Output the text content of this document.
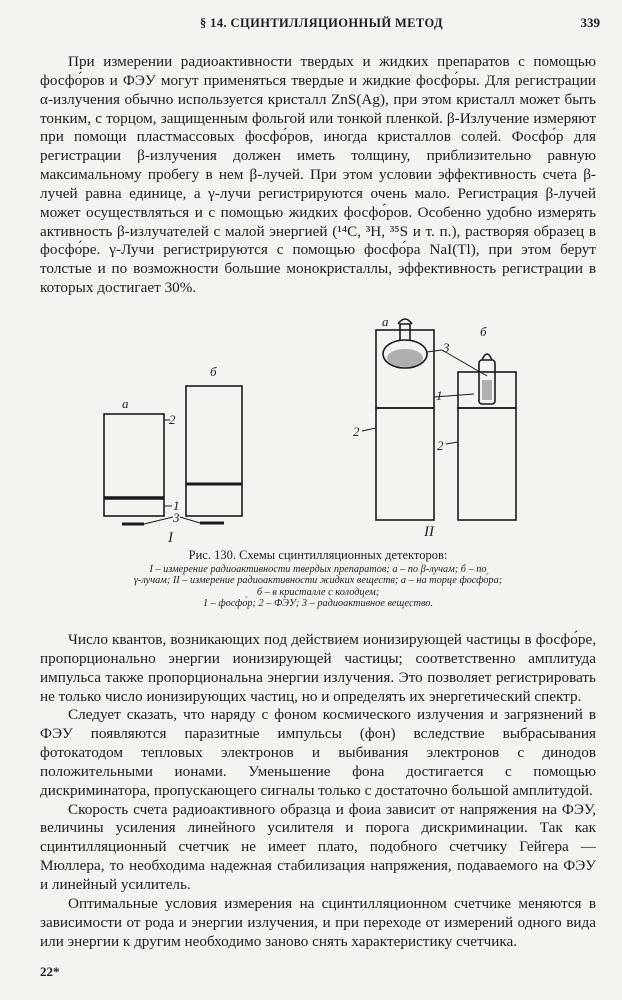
§ 14. СЦИНТИЛЛЯЦИОННЫЙ МЕТОД	339

При измерении радиоактивности твердых и жидких препаратов с помощью фосфо́ров и ФЭУ могут применяться твердые и жидкие фосфо́ры. Для регистрации α-излучения обычно используется кристалл ZnS(Ag), при этом кристалл может быть тонким, с торцом, защищенным фольгой или тонкой пленкой. β-Излучение измеряют при помощи пластмассовых фосфо́ров, иногда кристаллов солей. Фосфо́р для регистрации β-излучения должен иметь толщину, приблизительно равную максимальному пробегу в нем β-лучей. При этом условии эффективность счета β-лучей равна единице, а γ-лучи регистрируются очень мало. Регистрация β-лучей может осуществляться и с помощью жидких фосфо́ров. Особенно удобно измерять активность β-излучателей с малой энергией (¹⁴C, ³H, ³⁵S и т. п.), растворяя образец в фосфо́ре. γ-Лучи регистрируются с помощью фосфо́ра NaI(Tl), при этом берут толстые и по возможности большие монокристаллы, эффективность регистрации в которых достигает 30%.

а
б
2
1
3
I
а
б
3
1
2
2
II
Рис. 130. Схемы сцинтилляционных детекторов:
I – измерение радиоактивности твердых препаратов; а – по β-лучам; б – по
γ-лучам; II – измерение радиоактивности жидких веществ; а – на торце фосфо́ра;
б – в кристалле с колодцем;
1 – фосфо́р; 2 – ФЭУ; 3 – радиоактивное вещество.

Число квантов, возникающих под действием ионизирующей частицы в фосфо́ре, пропорционально энергии ионизирующей частицы; соответственно амплитуда импульса также пропорциональна энергии излучения. Это позволяет регистрировать не только число ионизирующих частиц, но и определять их энергетический спектр.

Следует сказать, что наряду с фоном космического излучения и загрязнений в ФЭУ появляются паразитные импульсы (фон) вследствие выбрасывания фотокатодом тепловых электронов и выбивания электронов с динодов положительными ионами. Уменьшение фона достигается с помощью дискриминатора, пропускающего сигналы только с достаточно большой амплитудой.

Скорость счета радиоактивного образца и фоиа зависит от напряжения на ФЭУ, величины усиления линейного усилителя и порога дискриминации. Так как сцинтилляционный счетчик не имеет плато, подобного счетчику Гейгера — Мюллера, то необходима надежная стабилизация напряжения, подаваемого на ФЭУ и линейный усилитель.

Оптимальные условия измерения на сцинтилляционном счетчике меняются в зависимости от рода и энергии излучения, и при переходе от измерений одного вида или энергии к другим необходимо заново снять характеристику счетчика.

22*
